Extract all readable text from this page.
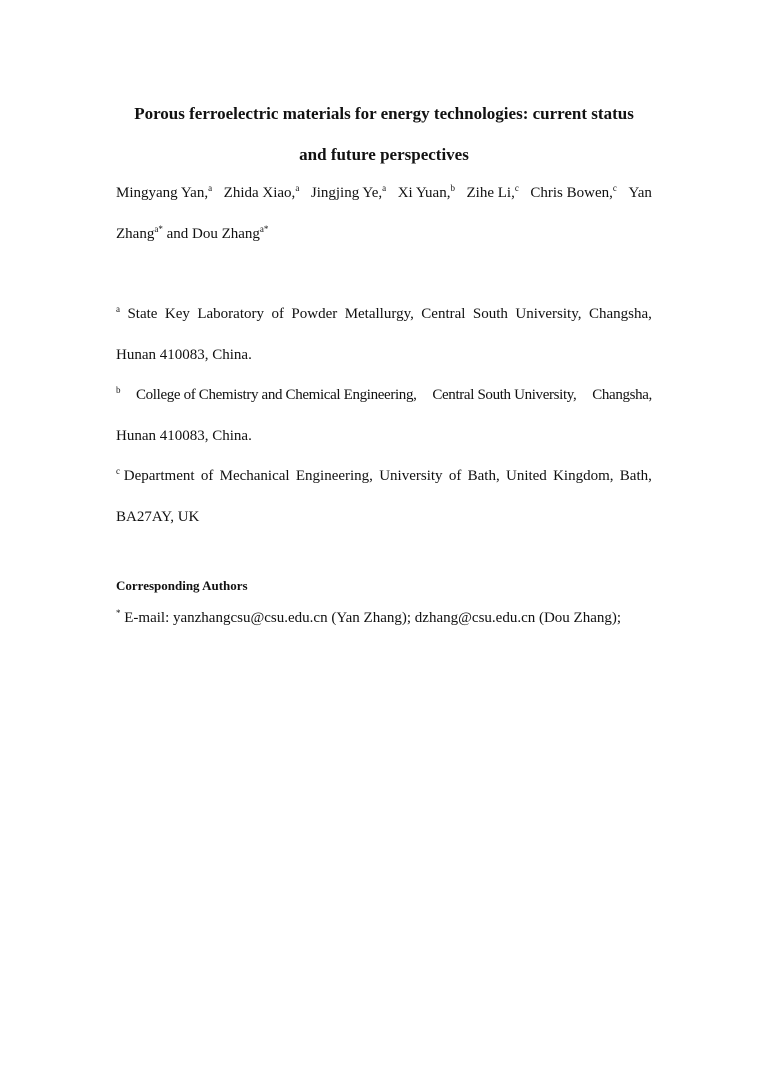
Porous ferroelectric materials for energy technologies: current status
and future perspectives
Mingyang Yan,$^a$ Zhida Xiao,$^a$ Jingjing Ye,$^a$ Xi Yuan,$^b$ Zihe Li,$^c$ Chris Bowen,$^c$ Yan
Zhang$^{a*}$ and Dou Zhang$^{a*}$
$^a$ State Key Laboratory of Powder Metallurgy, Central South University, Changsha,
Hunan 410083, China.
$^b$ College of Chemistry and Chemical Engineering, Central South University, Changsha,
Hunan 410083, China.
$^c$ Department of Mechanical Engineering, University of Bath, United Kingdom, Bath,
BA27AY, UK
Corresponding Authors
* E-mail: yanzhangcsu@csu.edu.cn (Yan Zhang); dzhang@csu.edu.cn (Dou Zhang);
